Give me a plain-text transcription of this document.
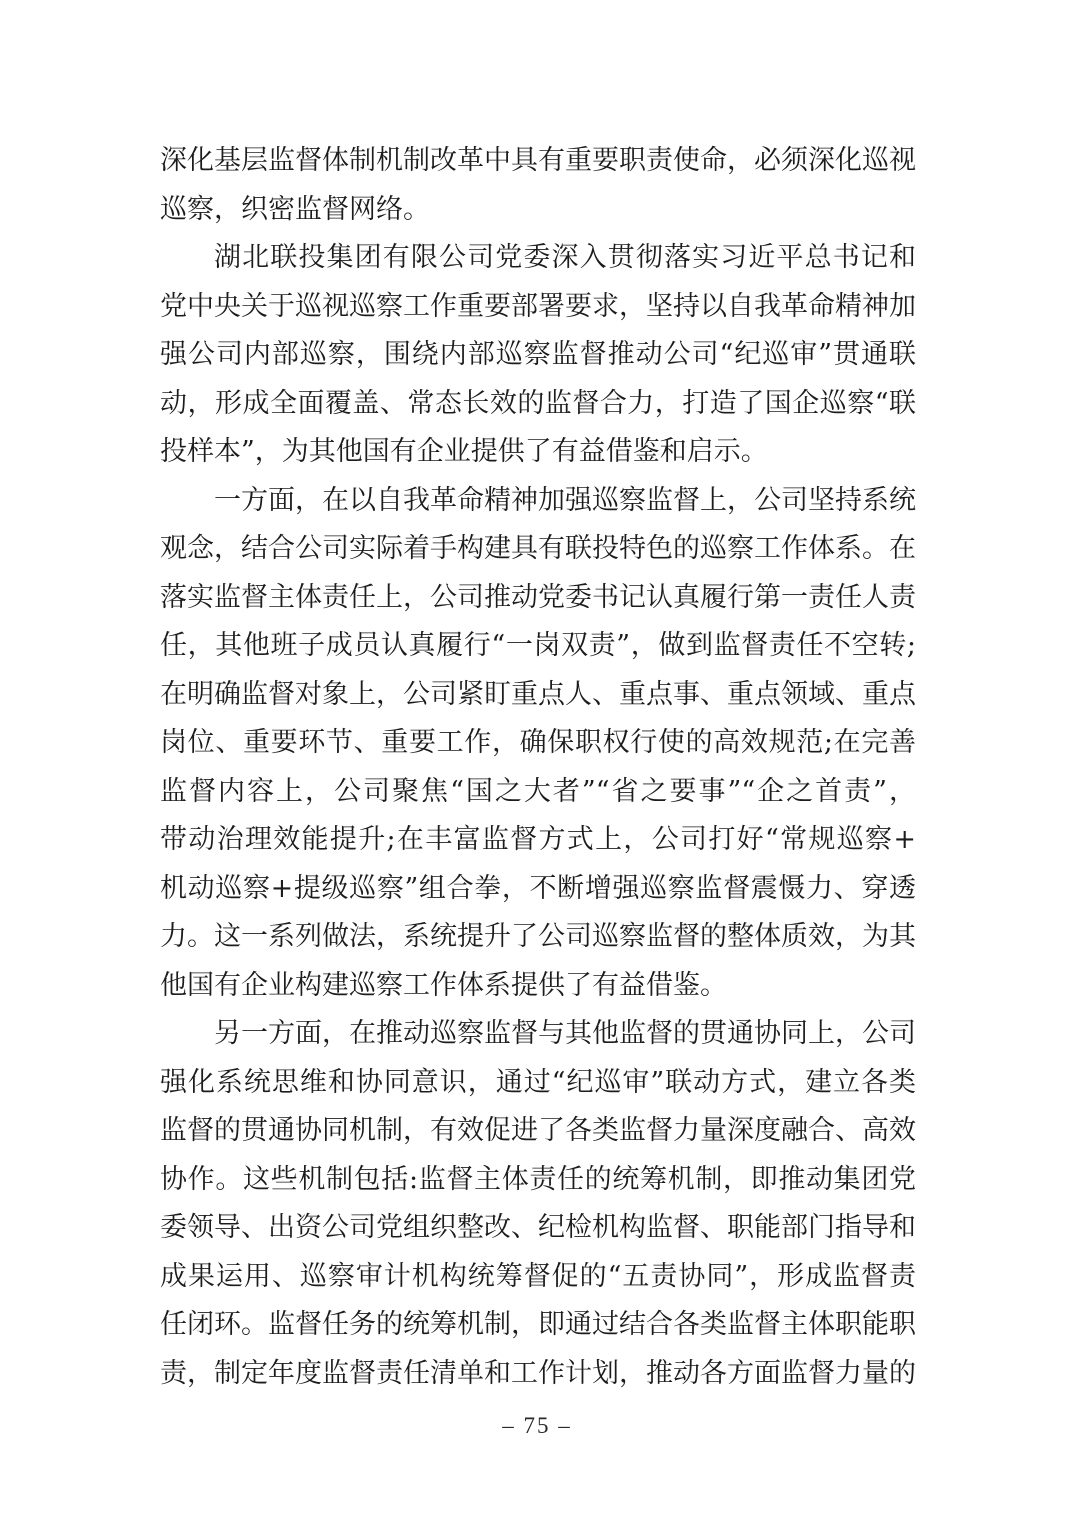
深化基层监督体制机制改革中具有重要职责使命，必须深化巡视
巡察，织密监督网络。
湖北联投集团有限公司党委深入贯彻落实习近平总书记和
党中央关于巡视巡察工作重要部署要求，坚持以自我革命精神加
强公司内部巡察，围绕内部巡察监督推动公司“纪巡审”贯通联
动，形成全面覆盖、常态长效的监督合力，打造了国企巡察“联
投样本”，为其他国有企业提供了有益借鉴和启示。
一方面，在以自我革命精神加强巡察监督上，公司坚持系统
观念，结合公司实际着手构建具有联投特色的巡察工作体系。在
落实监督主体责任上，公司推动党委书记认真履行第一责任人责
任，其他班子成员认真履行“一岗双责”，做到监督责任不空转;
在明确监督对象上，公司紧盯重点人、重点事、重点领域、重点
岗位、重要环节、重要工作，确保职权行使的高效规范;在完善
监督内容上，公司聚焦“国之大者”“省之要事”“企之首责”，
带动治理效能提升;在丰富监督方式上，公司打好“常规巡察+
机动巡察+提级巡察”组合拳，不断增强巡察监督震慑力、穿透
力。这一系列做法，系统提升了公司巡察监督的整体质效，为其
他国有企业构建巡察工作体系提供了有益借鉴。
另一方面，在推动巡察监督与其他监督的贯通协同上，公司
强化系统思维和协同意识，通过“纪巡审”联动方式，建立各类
监督的贯通协同机制，有效促进了各类监督力量深度融合、高效
协作。这些机制包括:监督主体责任的统筹机制，即推动集团党
委领导、出资公司党组织整改、纪检机构监督、职能部门指导和
成果运用、巡察审计机构统筹督促的“五责协同”，形成监督责
任闭环。监督任务的统筹机制，即通过结合各类监督主体职能职
责，制定年度监督责任清单和工作计划，推动各方面监督力量的
– 75 –
